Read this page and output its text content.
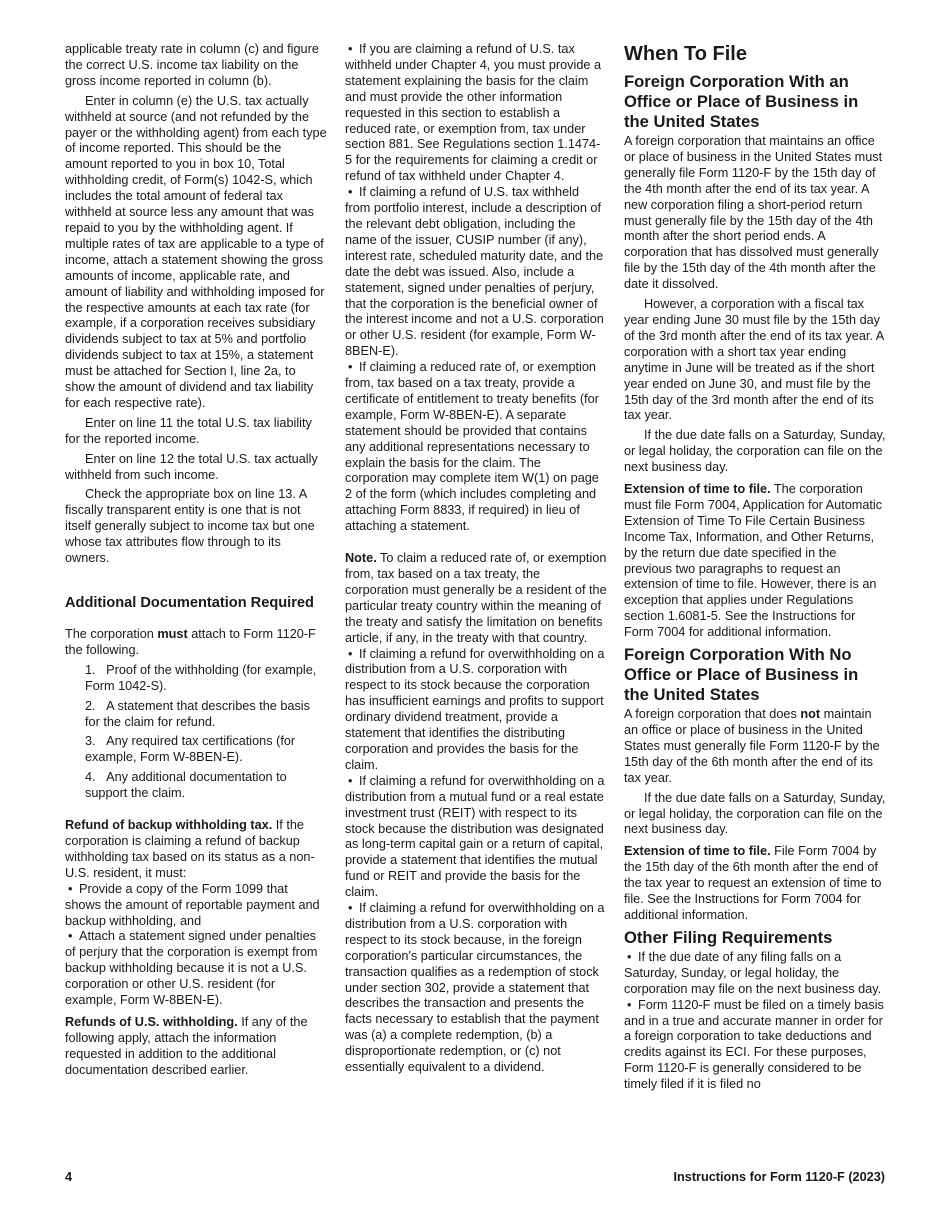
applicable treaty rate in column (c) and figure the correct U.S. income tax liability on the gross income reported in column (b).

Enter in column (e) the U.S. tax actually withheld at source (and not refunded by the payer or the withholding agent) from each type of income reported. This should be the amount reported to you in box 10, Total withholding credit, of Form(s) 1042-S, which includes the total amount of federal tax withheld at source less any amount that was repaid to you by the withholding agent. If multiple rates of tax are applicable to a type of income, attach a statement showing the gross amounts of income, applicable rate, and amount of liability and withholding imposed for the respective amounts at each tax rate (for example, if a corporation receives subsidiary dividends subject to tax at 5% and portfolio dividends subject to tax at 15%, a statement must be attached for Section I, line 2a, to show the amount of dividend and tax liability for each respective rate).

Enter on line 11 the total U.S. tax liability for the reported income.

Enter on line 12 the total U.S. tax actually withheld from such income.

Check the appropriate box on line 13. A fiscally transparent entity is one that is not itself generally subject to income tax but one whose tax attributes flow through to its owners.

Additional Documentation Required

The corporation must attach to Form 1120-F the following.

1.   Proof of the withholding (for example, Form 1042-S).

2.   A statement that describes the basis for the claim for refund.

3.   Any required tax certifications (for example, Form W-8BEN-E).

4.   Any additional documentation to support the claim.

Refund of backup withholding tax. If the corporation is claiming a refund of backup withholding tax based on its status as a non-U.S. resident, it must:

• Provide a copy of the Form 1099 that shows the amount of reportable payment and backup withholding, and

• Attach a statement signed under penalties of perjury that the corporation is exempt from backup withholding because it is not a U.S. corporation or other U.S. resident (for example, Form W-8BEN-E).

Refunds of U.S. withholding. If any of the following apply, attach the information requested in addition to the additional documentation described earlier.

• If you are claiming a refund of U.S. tax withheld under Chapter 4, you must provide a statement explaining the basis for the claim and must provide the other information requested in this section to establish a reduced rate, or exemption from, tax under section 881. See Regulations section 1.1474-5 for the requirements for claiming a credit or refund of tax withheld under Chapter 4.

• If claiming a refund of U.S. tax withheld from portfolio interest, include a description of the relevant debt obligation, including the name of the issuer, CUSIP number (if any), interest rate, scheduled maturity date, and the date the debt was issued. Also, include a statement, signed under penalties of perjury, that the corporation is the beneficial owner of the interest income and not a U.S. corporation or other U.S. resident (for example, Form W-8BEN-E).

• If claiming a reduced rate of, or exemption from, tax based on a tax treaty, provide a certificate of entitlement to treaty benefits (for example, Form W-8BEN-E). A separate statement should be provided that contains any additional representations necessary to explain the basis for the claim. The corporation may complete item W(1) on page 2 of the form (which includes completing and attaching Form 8833, if required) in lieu of attaching a statement.

Note. To claim a reduced rate of, or exemption from, tax based on a tax treaty, the corporation must generally be a resident of the particular treaty country within the meaning of the treaty and satisfy the limitation on benefits article, if any, in the treaty with that country.

• If claiming a refund for overwithholding on a distribution from a U.S. corporation with respect to its stock because the corporation has insufficient earnings and profits to support ordinary dividend treatment, provide a statement that identifies the distributing corporation and provides the basis for the claim.

• If claiming a refund for overwithholding on a distribution from a mutual fund or a real estate investment trust (REIT) with respect to its stock because the distribution was designated as long-term capital gain or a return of capital, provide a statement that identifies the mutual fund or REIT and provide the basis for the claim.

• If claiming a refund for overwithholding on a distribution from a U.S. corporation with respect to its stock because, in the foreign corporation's particular circumstances, the transaction qualifies as a redemption of stock under section 302, provide a statement that describes the transaction and presents the facts necessary to establish that the payment was (a) a complete redemption, (b) a disproportionate redemption, or (c) not essentially equivalent to a dividend.

When To File
Foreign Corporation With an Office or Place of Business in the United States

A foreign corporation that maintains an office or place of business in the United States must generally file Form 1120-F by the 15th day of the 4th month after the end of its tax year. A new corporation filing a short-period return must generally file by the 15th day of the 4th month after the short period ends. A corporation that has dissolved must generally file by the 15th day of the 4th month after the date it dissolved.

However, a corporation with a fiscal tax year ending June 30 must file by the 15th day of the 3rd month after the end of its tax year. A corporation with a short tax year ending anytime in June will be treated as if the short year ended on June 30, and must file by the 15th day of the 3rd month after the end of its tax year.

If the due date falls on a Saturday, Sunday, or legal holiday, the corporation can file on the next business day.

Extension of time to file. The corporation must file Form 7004, Application for Automatic Extension of Time To File Certain Business Income Tax, Information, and Other Returns, by the return due date specified in the previous two paragraphs to request an extension of time to file. However, there is an exception that applies under Regulations section 1.6081-5. See the Instructions for Form 7004 for additional information.

Foreign Corporation With No Office or Place of Business in the United States

A foreign corporation that does not maintain an office or place of business in the United States must generally file Form 1120-F by the 15th day of the 6th month after the end of its tax year.

If the due date falls on a Saturday, Sunday, or legal holiday, the corporation can file on the next business day.

Extension of time to file. File Form 7004 by the 15th day of the 6th month after the end of the tax year to request an extension of time to file. See the Instructions for Form 7004 for additional information.

Other Filing Requirements

• If the due date of any filing falls on a Saturday, Sunday, or legal holiday, the corporation may file on the next business day.

• Form 1120-F must be filed on a timely basis and in a true and accurate manner in order for a foreign corporation to take deductions and credits against its ECI. For these purposes, Form 1120-F is generally considered to be timely filed if it is filed no

4	Instructions for Form 1120-F (2023)
